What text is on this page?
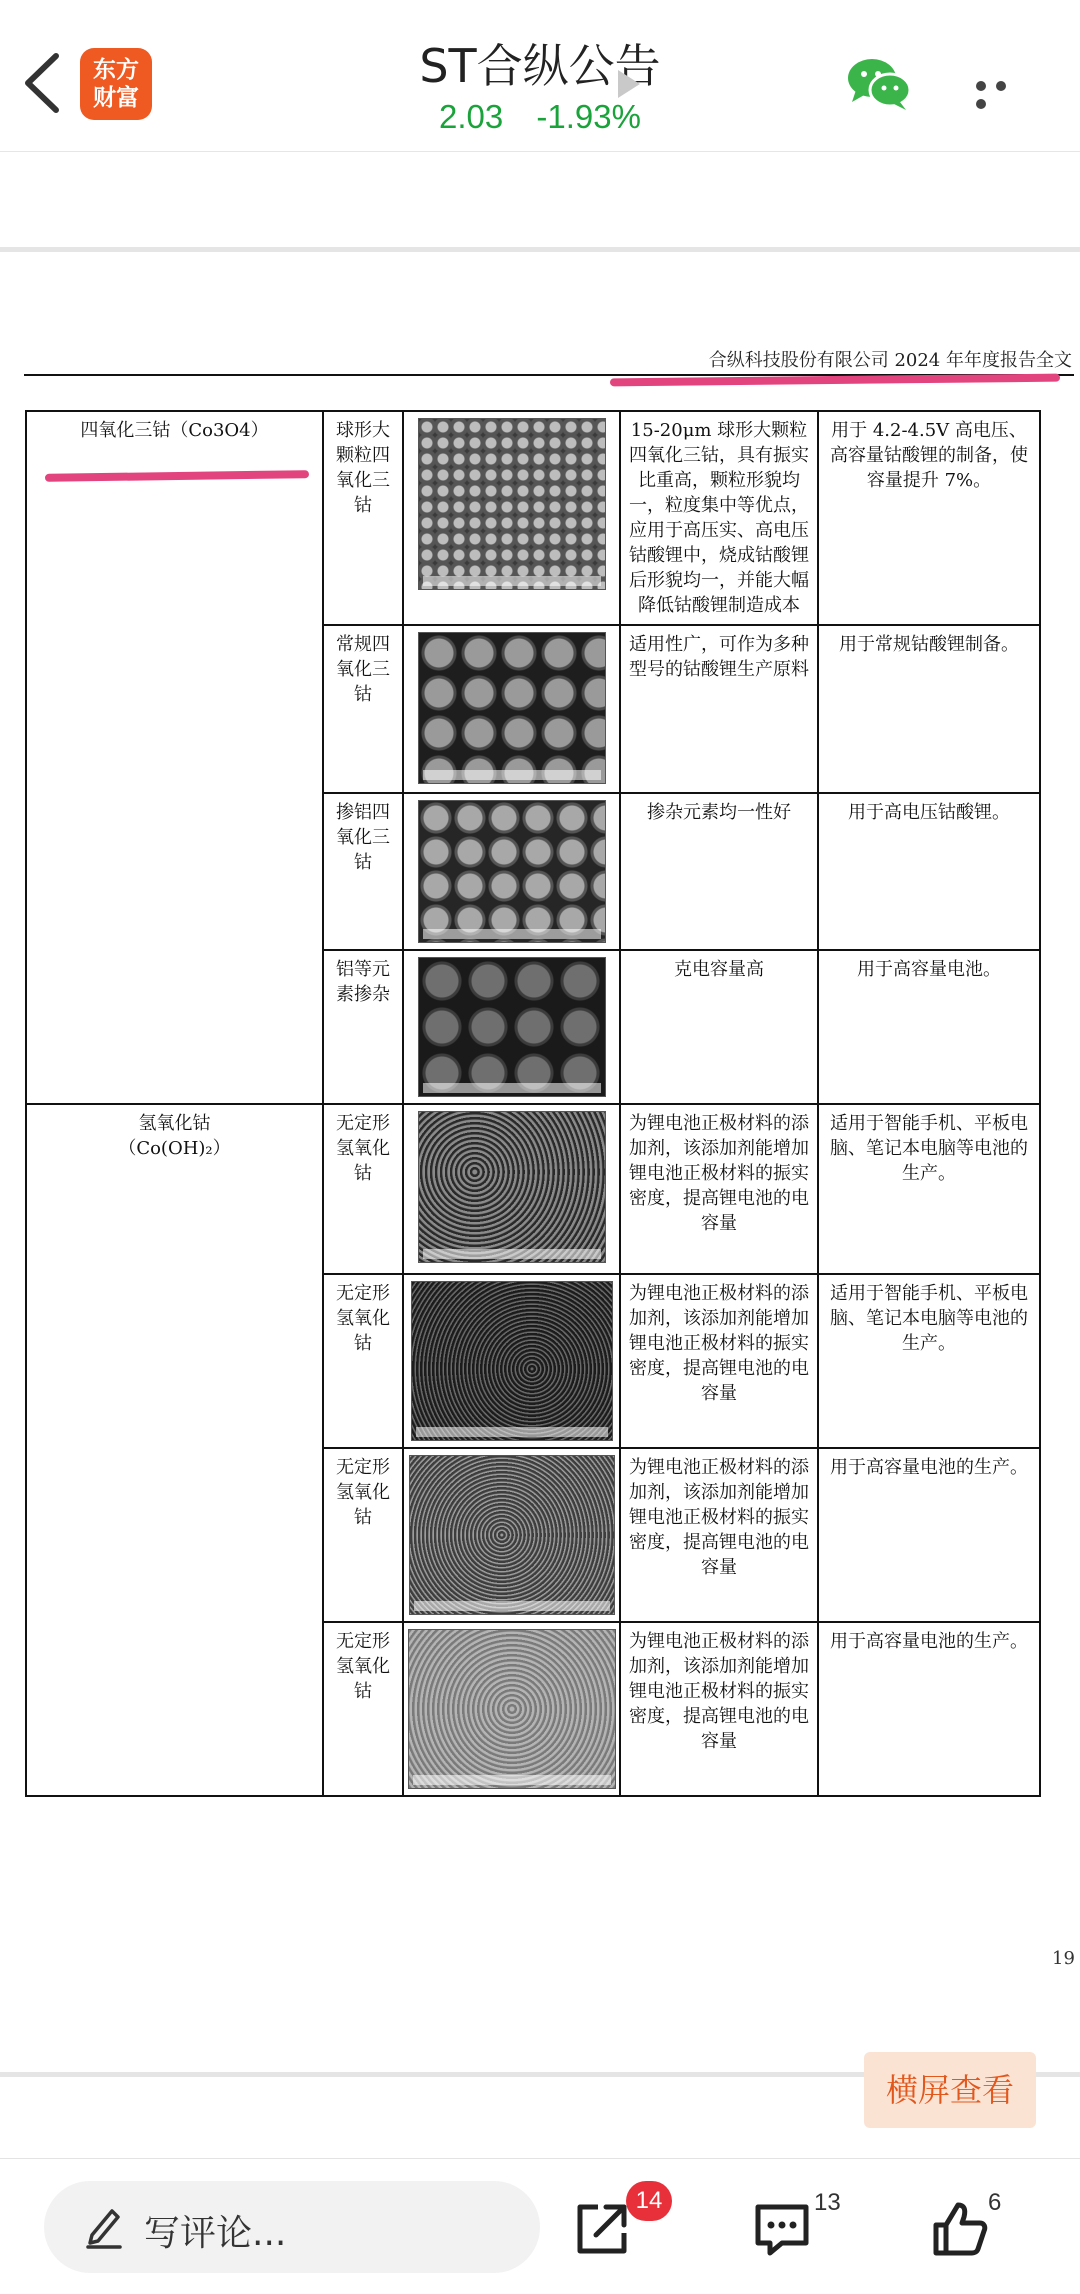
东方
财富
ST合纵公告
2.03 -1.93%
合纵科技股份有限公司 2024 年年度报告全文
四氧化三钴（Co3O4）	球形大颗粒四氧化三钴		15-20μm 球形大颗粒四氧化三钴，具有振实比重高，颗粒形貌均一，粒度集中等优点，应用于高压实、高电压钴酸锂中，烧成钴酸锂后形貌均一，并能大幅降低钴酸锂制造成本	用于 4.2-4.5V 高电压、高容量钴酸锂的制备，使容量提升 7%。
	常规四氧化三钴		适用性广，可作为多种型号的钴酸锂生产原料	用于常规钴酸锂制备。
	掺铝四氧化三钴		掺杂元素均一性好	用于高电压钴酸锂。
	铝等元素掺杂		克电容量高	用于高容量电池。

氢氧化钴
（Co(OH)₂）	无定形氢氧化钴		为锂电池正极材料的添加剂，该添加剂能增加锂电池正极材料的振实密度，提高锂电池的电容量	适用于智能手机、平板电脑、笔记本电脑等电池的生产。
	无定形氢氧化钴		为锂电池正极材料的添加剂，该添加剂能增加锂电池正极材料的振实密度，提高锂电池的电容量	适用于智能手机、平板电脑、笔记本电脑等电池的生产。
	无定形氢氧化钴		为锂电池正极材料的添加剂，该添加剂能增加锂电池正极材料的振实密度，提高锂电池的电容量	用于高容量电池的生产。
	无定形氢氧化钴		为锂电池正极材料的添加剂，该添加剂能增加锂电池正极材料的振实密度，提高锂电池的电容量	用于高容量电池的生产。
19
横屏查看
写评论...
14	13	6
